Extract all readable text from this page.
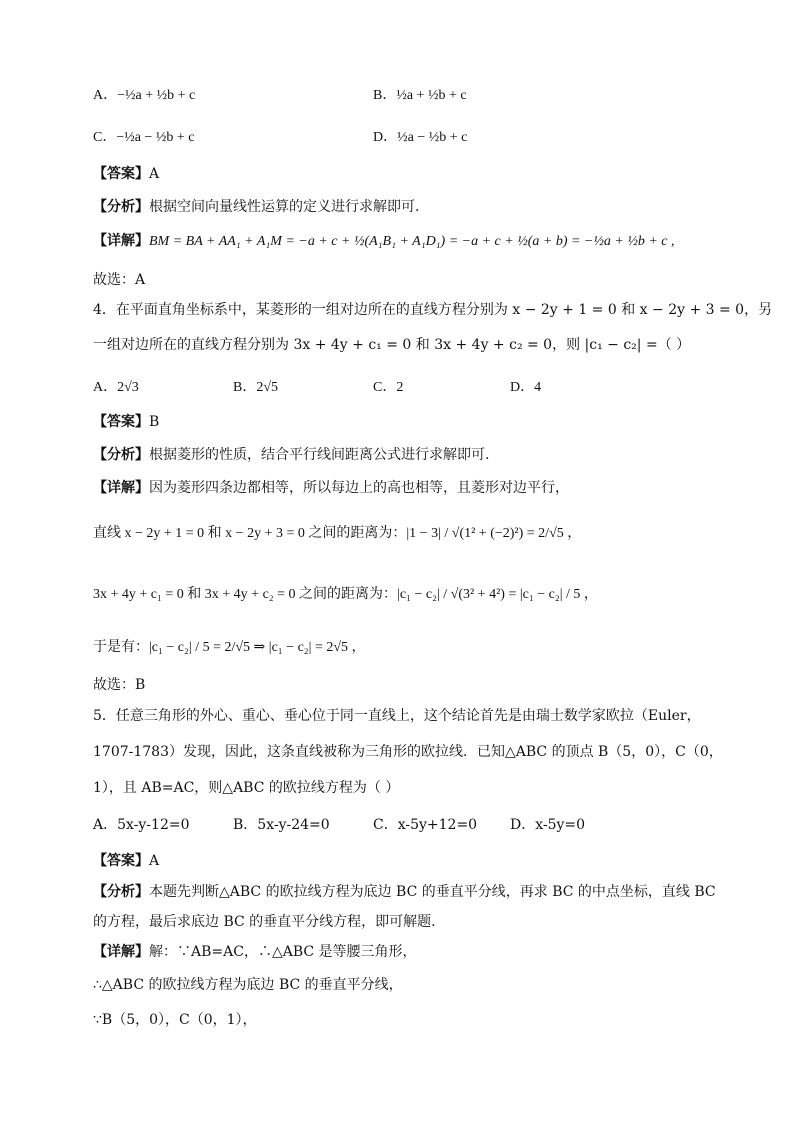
A．−½a + ½b + c	B．½a + ½b + c
C．−½a − ½b + c	D．½a − ½b + c
【答案】A
【分析】根据空间向量线性运算的定义进行求解即可.
【详解】BM = BA + AA₁ + A₁M = −a + c + ½(A₁B₁ + A₁D₁) = −a + c + ½(a + b) = −½a + ½b + c ,
故选：A
4．在平面直角坐标系中，某菱形的一组对边所在的直线方程分别为 x − 2y + 1 = 0 和 x − 2y + 3 = 0，另
一组对边所在的直线方程分别为 3x + 4y + c₁ = 0 和 3x + 4y + c₂ = 0，则 |c₁ − c₂| =（ ）
A．2√3	B．2√5	C．2	D．4
【答案】B
【分析】根据菱形的性质，结合平行线间距离公式进行求解即可.
【详解】因为菱形四条边都相等，所以每边上的高也相等，且菱形对边平行，
直线 x − 2y + 1 = 0 和 x − 2y + 3 = 0 之间的距离为：|1 − 3| / √(1² + (−2)²) = 2/√5 ，
3x + 4y + c₁ = 0 和 3x + 4y + c₂ = 0 之间的距离为：|c₁ − c₂| / √(3² + 4²) = |c₁ − c₂| / 5 ，
于是有：|c₁ − c₂| / 5 = 2/√5 ⇒ |c₁ − c₂| = 2√5 ，
故选：B
5．任意三角形的外心、重心、垂心位于同一直线上，这个结论首先是由瑞士数学家欧拉（Euler，
1707-1783）发现，因此，这条直线被称为三角形的欧拉线．已知△ABC 的顶点 B（5，0），C（0，
1），且 AB=AC，则△ABC 的欧拉线方程为（ ）
A．5x-y-12=0	B．5x-y-24=0	C．x-5y+12=0 D．x-5y=0
【答案】A
【分析】本题先判断△ABC 的欧拉线方程为底边 BC 的垂直平分线，再求 BC 的中点坐标，直线 BC
的方程，最后求底边 BC 的垂直平分线方程，即可解题.
【详解】解：∵AB=AC，∴△ABC 是等腰三角形，
∴△ABC 的欧拉线方程为底边 BC 的垂直平分线，
∵B（5，0），C（0，1），
